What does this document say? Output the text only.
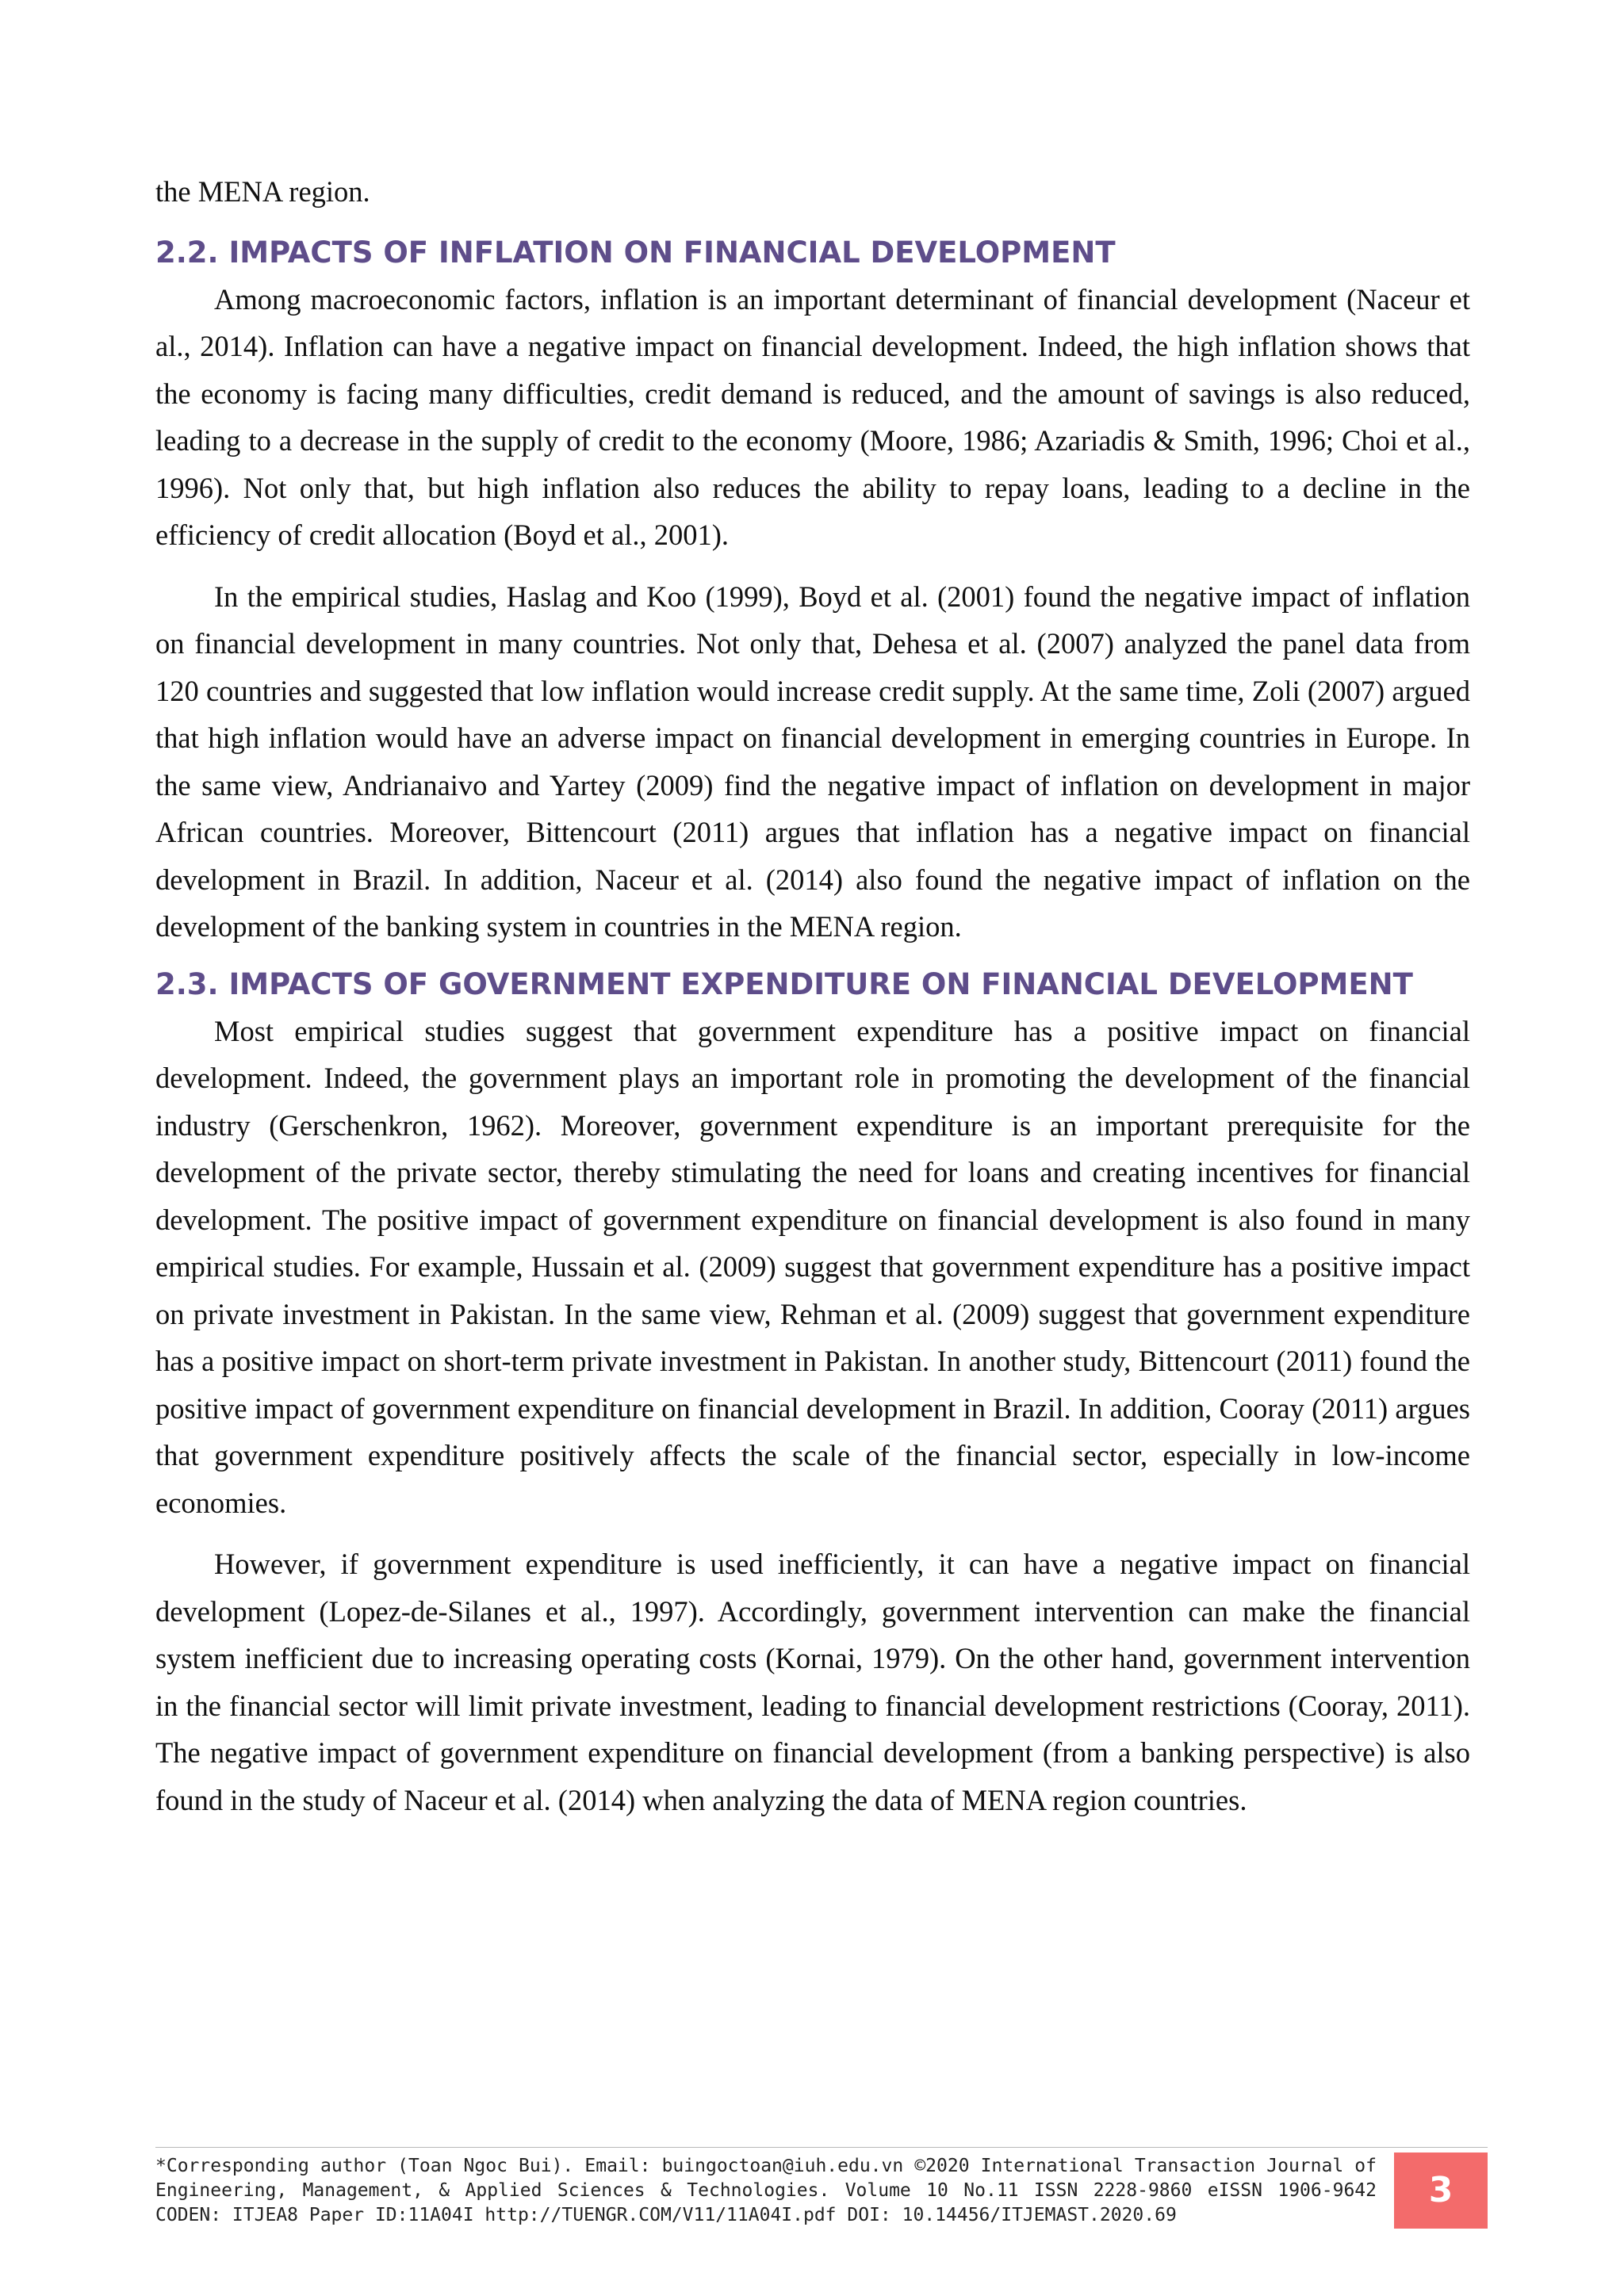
the MENA region.

2.2. IMPACTS OF INFLATION ON FINANCIAL DEVELOPMENT

Among macroeconomic factors, inflation is an important determinant of financial development (Naceur et al., 2014). Inflation can have a negative impact on financial development. Indeed, the high inflation shows that the economy is facing many difficulties, credit demand is reduced, and the amount of savings is also reduced, leading to a decrease in the supply of credit to the economy (Moore, 1986; Azariadis & Smith, 1996; Choi et al., 1996). Not only that, but high inflation also reduces the ability to repay loans, leading to a decline in the efficiency of credit allocation (Boyd et al., 2001).

In the empirical studies, Haslag and Koo (1999), Boyd et al. (2001) found the negative impact of inflation on financial development in many countries. Not only that, Dehesa et al. (2007) analyzed the panel data from 120 countries and suggested that low inflation would increase credit supply. At the same time, Zoli (2007) argued that high inflation would have an adverse impact on financial development in emerging countries in Europe. In the same view, Andrianaivo and Yartey (2009) find the negative impact of inflation on development in major African countries. Moreover, Bittencourt (2011) argues that inflation has a negative impact on financial development in Brazil. In addition, Naceur et al. (2014) also found the negative impact of inflation on the development of the banking system in countries in the MENA region.

2.3. IMPACTS OF GOVERNMENT EXPENDITURE ON FINANCIAL DEVELOPMENT

Most empirical studies suggest that government expenditure has a positive impact on financial development. Indeed, the government plays an important role in promoting the development of the financial industry (Gerschenkron, 1962). Moreover, government expenditure is an important prerequisite for the development of the private sector, thereby stimulating the need for loans and creating incentives for financial development. The positive impact of government expenditure on financial development is also found in many empirical studies. For example, Hussain et al. (2009) suggest that government expenditure has a positive impact on private investment in Pakistan. In the same view, Rehman et al. (2009) suggest that government expenditure has a positive impact on short-term private investment in Pakistan. In another study, Bittencourt (2011) found the positive impact of government expenditure on financial development in Brazil. In addition, Cooray (2011) argues that government expenditure positively affects the scale of the financial sector, especially in low-income economies.

However, if government expenditure is used inefficiently, it can have a negative impact on financial development (Lopez-de-Silanes et al., 1997). Accordingly, government intervention can make the financial system inefficient due to increasing operating costs (Kornai, 1979). On the other hand, government intervention in the financial sector will limit private investment, leading to financial development restrictions (Cooray, 2011). The negative impact of government expenditure on financial development (from a banking perspective) is also found in the study of Naceur et al. (2014) when analyzing the data of MENA region countries.

*Corresponding author (Toan Ngoc Bui). Email: buingoctoan@iuh.edu.vn ©2020 International Transaction Journal of Engineering, Management, & Applied Sciences & Technologies. Volume 10 No.11 ISSN 2228-9860 eISSN 1906-9642 CODEN: ITJEA8 Paper ID:11A04I http://TUENGR.COM/V11/11A04I.pdf DOI: 10.14456/ITJEMAST.2020.69
3
